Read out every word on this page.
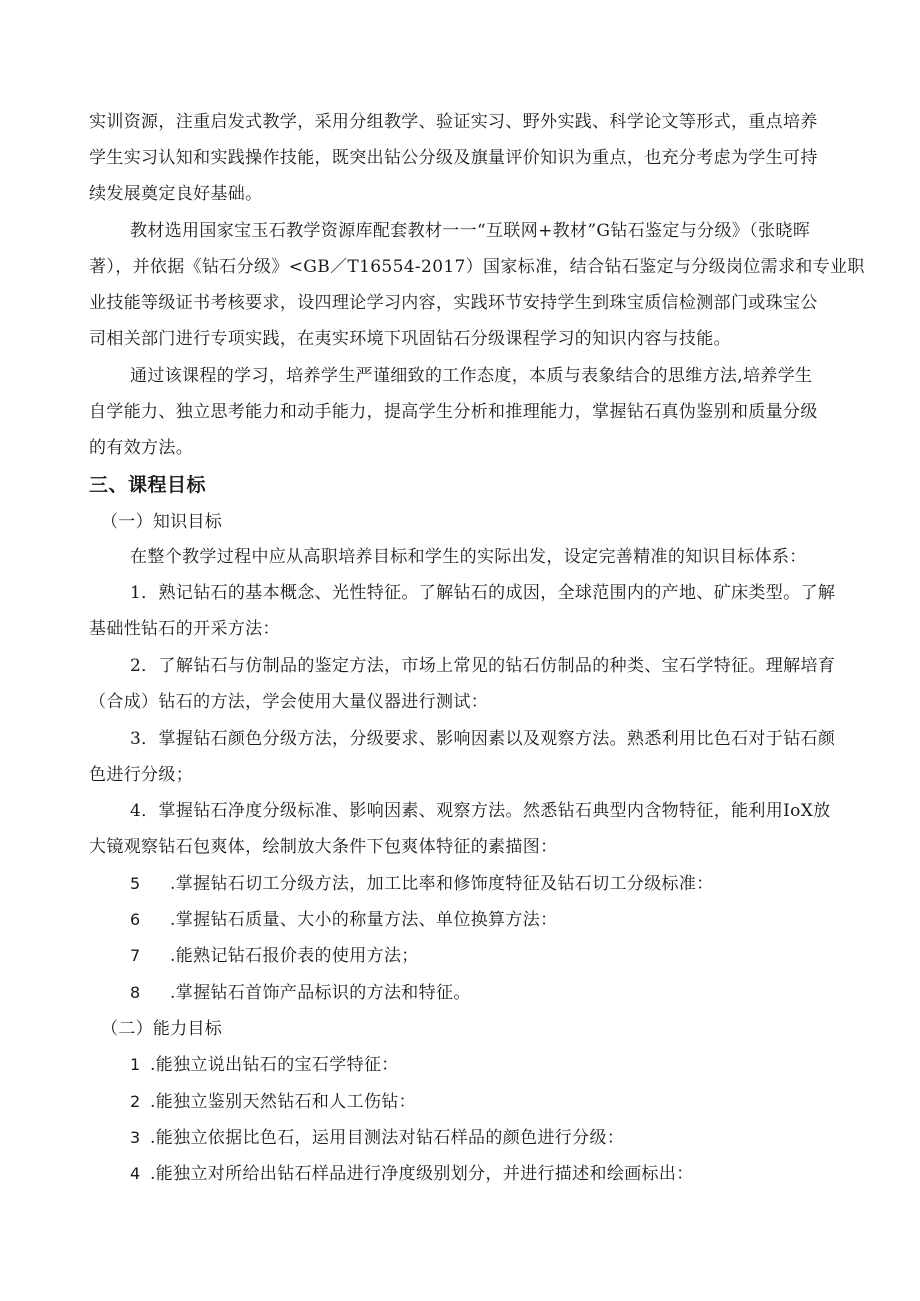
实训资源，注重启发式教学，采用分组教学、验证实习、野外实践、科学论文等形式，重点培养
学生实习认知和实践操作技能，既突出钻公分级及旗量评价知识为重点，也充分考虑为学生可持
续发展奠定良好基础。
教材选用国家宝玉石教学资源库配套教材一一“互联网+教材”G钻石鉴定与分级》（张晓晖
著），并依据《钻石分级》<GB／T16554-2017）国家标准，结合钻石鉴定与分级岗位需求和专业职
业技能等级证书考核要求，设四理论学习内容，实践环节安持学生到珠宝质信检测部门或珠宝公
司相关部门进行专项实践，在夷实环境下巩固钻石分级课程学习的知识内容与技能。
通过该课程的学习，培养学生严谨细致的工作态度，本质与表象结合的思维方法,培养学生
自学能力、独立思考能力和动手能力，提高学生分析和推理能力，掌握钻石真伪鉴别和质量分级
的有效方法。
三、课程目标
（一）知识目标
在整个教学过程中应从高职培养目标和学生的实际出发，设定完善精准的知识目标体系：
1．熟记钻石的基本概念、光性特征。了解钻石的成因，全球范围内的产地、矿床类型。了解
基础性钻石的开采方法：
2．了解钻石与仿制品的鉴定方法，市场上常见的钻石仿制品的种类、宝石学特征。理解培育
（合成）钻石的方法，学会使用大量仪器进行测试：
3．掌握钻石颜色分级方法，分级要求、影响因素以及观察方法。熟悉利用比色石对于钻石颜
色进行分级；
4．掌握钻石净度分级标准、影响因素、观察方法。然悉钻石典型内含物特征，能利用IoX放
大镜观察钻石包爽体，绘制放大条件下包爽体特征的素描图：
5 .掌握钻石切工分级方法，加工比率和修饰度特征及钻石切工分级标准：
6 .掌握钻石质量、大小的称量方法、单位换算方法：
7 .能熟记钻石报价表的使用方法；
8 .掌握钻石首饰产品标识的方法和特征。
（二）能力目标
1 .能独立说出钻石的宝石学特征：
2 .能独立鉴别天然钻石和人工伤钻：
3 .能独立依据比色石，运用目测法对钻石样品的颜色进行分级：
4 .能独立对所给出钻石样品进行净度级别划分，并进行描述和绘画标出：
